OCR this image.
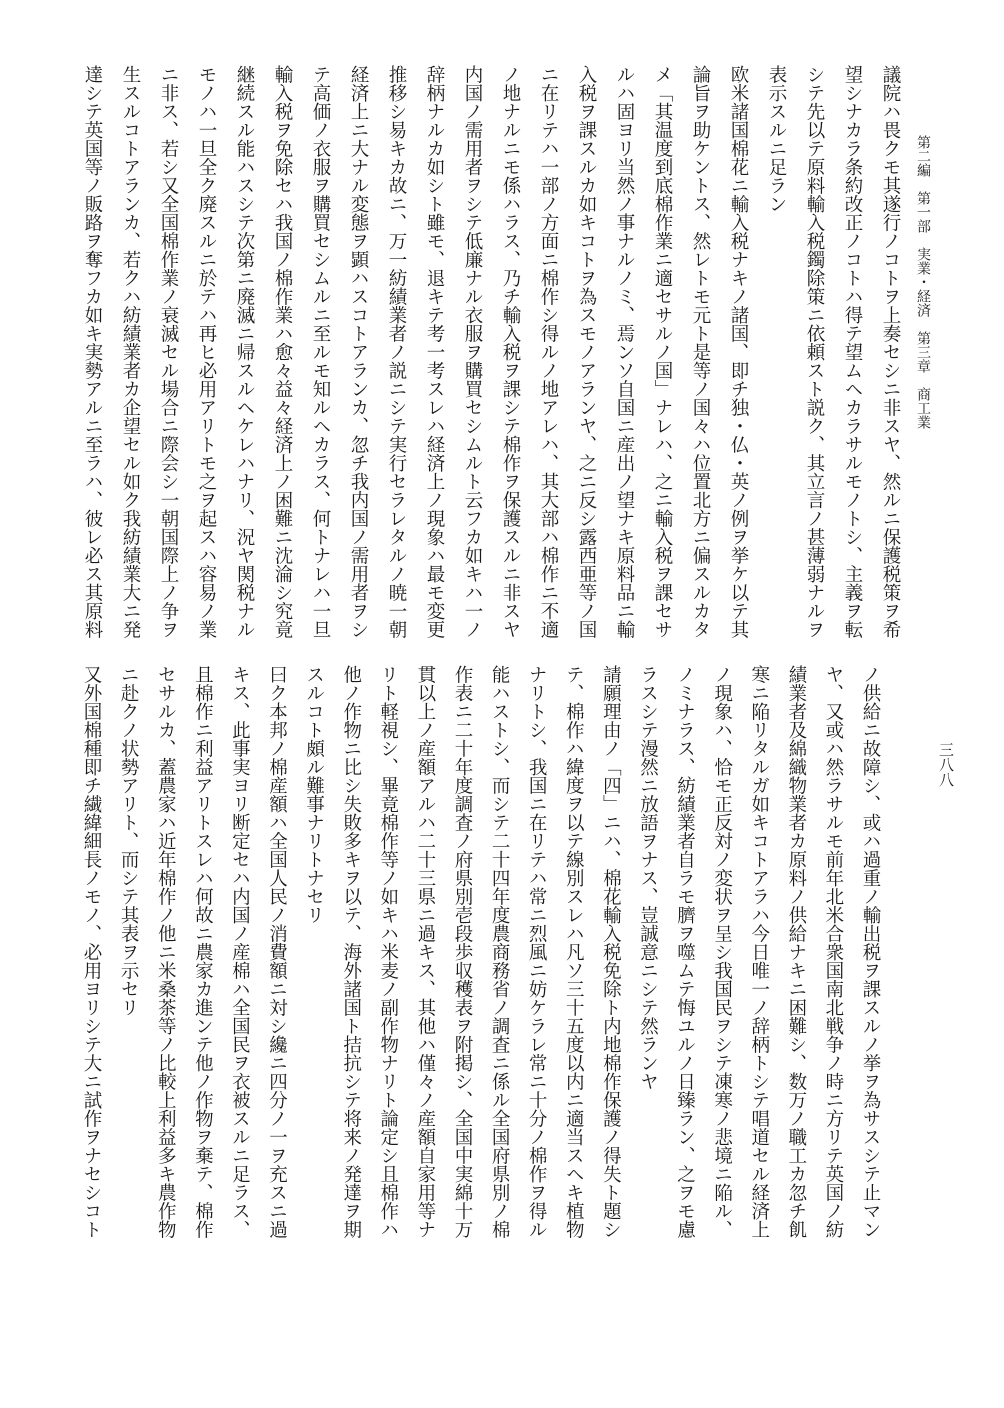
第二編　第一部　実業・経済　第三章　商工業
三八八
議院ハ畏クモ其遂行ノコトヲ上奏セシニ非スヤ、然ルニ保護税策ヲ希
望シナカラ条約改正ノコトハ得テ望ムヘカラサルモノトシ、主義ヲ転
シテ先以テ原料輸入税鐲除策ニ依頼スト説ク、其立言ノ甚薄弱ナルヲ
表示スルニ足ラン
欧米諸国棉花ニ輸入税ナキノ諸国、即チ独・仏・英ノ例ヲ挙ケ以テ其
論旨ヲ助ケントス、然レトモ元ト是等ノ国々ハ位置北方ニ偏スルカタ
メ「其温度到底棉作業ニ適セサルノ国」ナレハ、之ニ輸入税ヲ課セサ
ルハ固ヨリ当然ノ事ナルノミ、焉ンソ自国ニ産出ノ望ナキ原料品ニ輸
入税ヲ課スルカ如キコトヲ為スモノアランヤ、之ニ反シ露西亜等ノ国
ニ在リテハ一部ノ方面ニ棉作シ得ルノ地アレハ、其大部ハ棉作ニ不適
ノ地ナルニモ係ハラス、乃チ輸入税ヲ課シテ棉作ヲ保護スルニ非スヤ
内国ノ需用者ヲシテ低廉ナル衣服ヲ購買セシムルト云フカ如キハ一ノ
辞柄ナルカ如シト雖モ、退キテ考一考スレハ経済上ノ現象ハ最モ変更
推移シ易キカ故ニ、万一紡績業者ノ説ニシテ実行セラレタルノ暁一朝
経済上ニ大ナル変態ヲ顕ハスコトアランカ、忽チ我内国ノ需用者ヲシ
テ高価ノ衣服ヲ購買セシムルニ至ルモ知ルヘカラス、何トナレハ一旦
輸入税ヲ免除セハ我国ノ棉作業ハ愈々益々経済上ノ困難ニ沈淪シ究竟
継続スル能ハスシテ次第ニ廃滅ニ帰スルヘケレハナリ、況ヤ関税ナル
モノハ一旦全ク廃スルニ於テハ再ヒ必用アリトモ之ヲ起スハ容易ノ業
ニ非ス、若シ又全国棉作業ノ衰滅セル場合ニ際会シ一朝国際上ノ争ヲ
生スルコトアランカ、若クハ紡績業者カ企望セル如ク我紡績業大ニ発
達シテ英国等ノ販路ヲ奪フカ如キ実勢アルニ至ラハ、彼レ必ス其原料
ノ供給ニ故障シ、或ハ過重ノ輸出税ヲ課スルノ挙ヲ為サスシテ止マン
ヤ、又或ハ然ラサルモ前年北米合衆国南北戦争ノ時ニ方リテ英国ノ紡
績業者及綿織物業者カ原料ノ供給ナキニ困難シ、数万ノ職工カ忽チ飢
寒ニ陥リタルガ如キコトアラハ今日唯一ノ辞柄トシテ唱道セル経済上
ノ現象ハ、恰モ正反対ノ変状ヲ呈シ我国民ヲシテ凍寒ノ悲境ニ陥ル、
ノミナラス、紡績業者自ラモ臍ヲ噬ムテ悔ユルノ日臻ラン、之ヲモ慮
ラスシテ漫然ニ放語ヲナス、豈誠意ニシテ然ランヤ
請願理由ノ「四」ニハ、棉花輸入税免除ト内地棉作保護ノ得失ト題シ
テ、棉作ハ緯度ヲ以テ線別スレハ凡ソ三十五度以内ニ適当スヘキ植物
ナリトシ、我国ニ在リテハ常ニ烈風ニ妨ケラレ常ニ十分ノ棉作ヲ得ル
能ハストシ、而シテ二十四年度農商務省ノ調査ニ係ル全国府県別ノ棉
作表ニ二十年度調査ノ府県別壱段歩収穫表ヲ附掲シ、全国中実綿十万
貫以上ノ産額アルハ二十三県ニ過キス、其他ハ僅々ノ産額自家用等ナ
リト軽視シ、畢竟棉作等ノ如キハ米麦ノ副作物ナリト論定シ且棉作ハ
他ノ作物ニ比シ失敗多キヲ以テ、海外諸国ト拮抗シテ将来ノ発達ヲ期
スルコト頗ル難事ナリトナセリ
曰ク本邦ノ棉産額ハ全国人民ノ消費額ニ対シ纔ニ四分ノ一ヲ充スニ過
キス、此事実ヨリ断定セハ内国ノ産棉ハ全国民ヲ衣被スルニ足ラス、
且棉作ニ利益アリトスレハ何故ニ農家カ進ンテ他ノ作物ヲ棄テ、棉作
セサルカ、蓋農家ハ近年棉作ノ他ニ米桑茶等ノ比較上利益多キ農作物
ニ赴クノ状勢アリト、而シテ其表ヲ示セリ
又外国棉種即チ繊緯細長ノモノ、必用ヨリシテ大ニ試作ヲナセシコト
